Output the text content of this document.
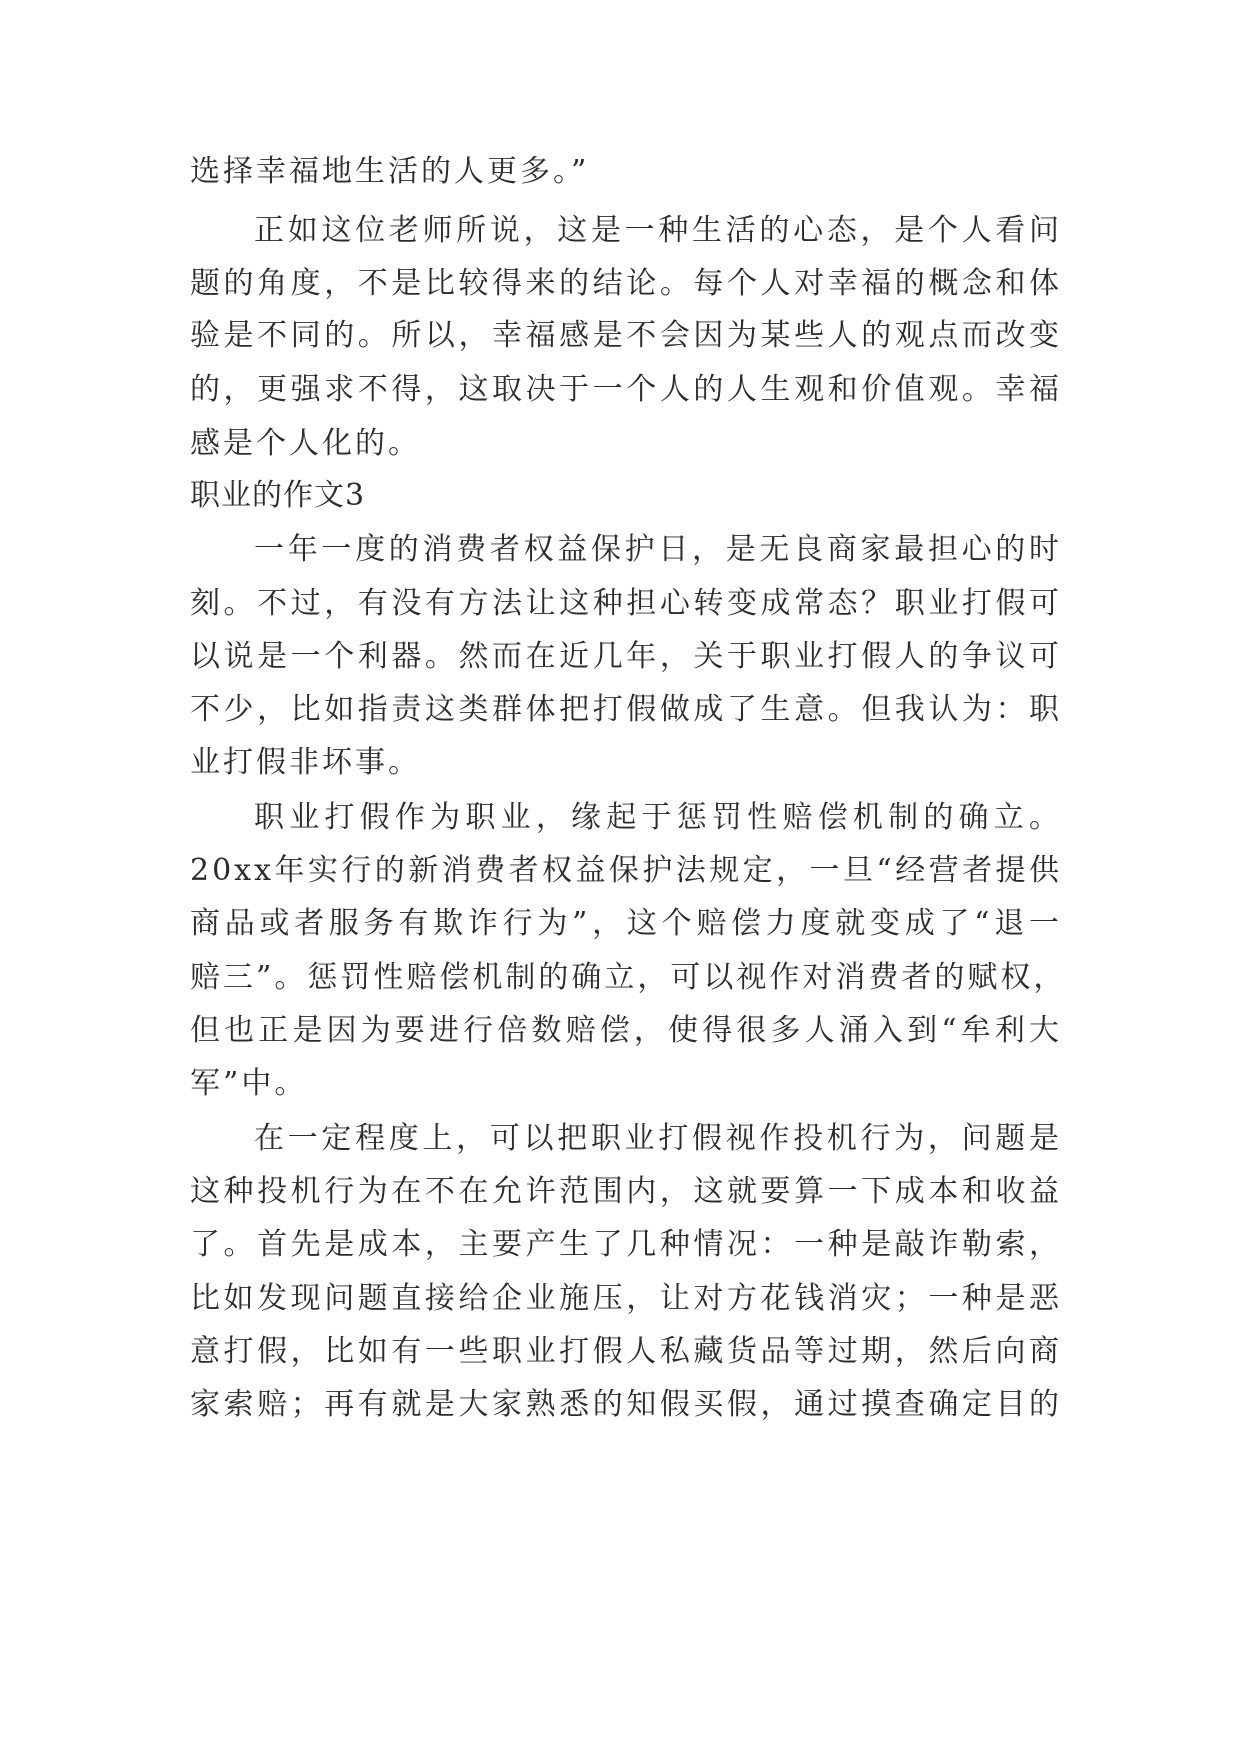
选择幸福地生活的人更多。”
正如这位老师所说，这是一种生活的心态，是个人看问
题的角度，不是比较得来的结论。每个人对幸福的概念和体
验是不同的。所以，幸福感是不会因为某些人的观点而改变
的，更强求不得，这取决于一个人的人生观和价值观。幸福
感是个人化的。
职业的作文3
一年一度的消费者权益保护日，是无良商家最担心的时
刻。不过，有没有方法让这种担心转变成常态？职业打假可
以说是一个利器。然而在近几年，关于职业打假人的争议可
不少，比如指责这类群体把打假做成了生意。但我认为：职
业打假非坏事。
职业打假作为职业，缘起于惩罚性赔偿机制的确立。
20xx年实行的新消费者权益保护法规定，一旦“经营者提供
商品或者服务有欺诈行为”，这个赔偿力度就变成了“退一
赔三”。惩罚性赔偿机制的确立，可以视作对消费者的赋权，
但也正是因为要进行倍数赔偿，使得很多人涌入到“牟利大
军”中。
在一定程度上，可以把职业打假视作投机行为，问题是
这种投机行为在不在允许范围内，这就要算一下成本和收益
了。首先是成本，主要产生了几种情况：一种是敲诈勒索，
比如发现问题直接给企业施压，让对方花钱消灾；一种是恶
意打假，比如有一些职业打假人私藏货品等过期，然后向商
家索赔；再有就是大家熟悉的知假买假，通过摸查确定目的
